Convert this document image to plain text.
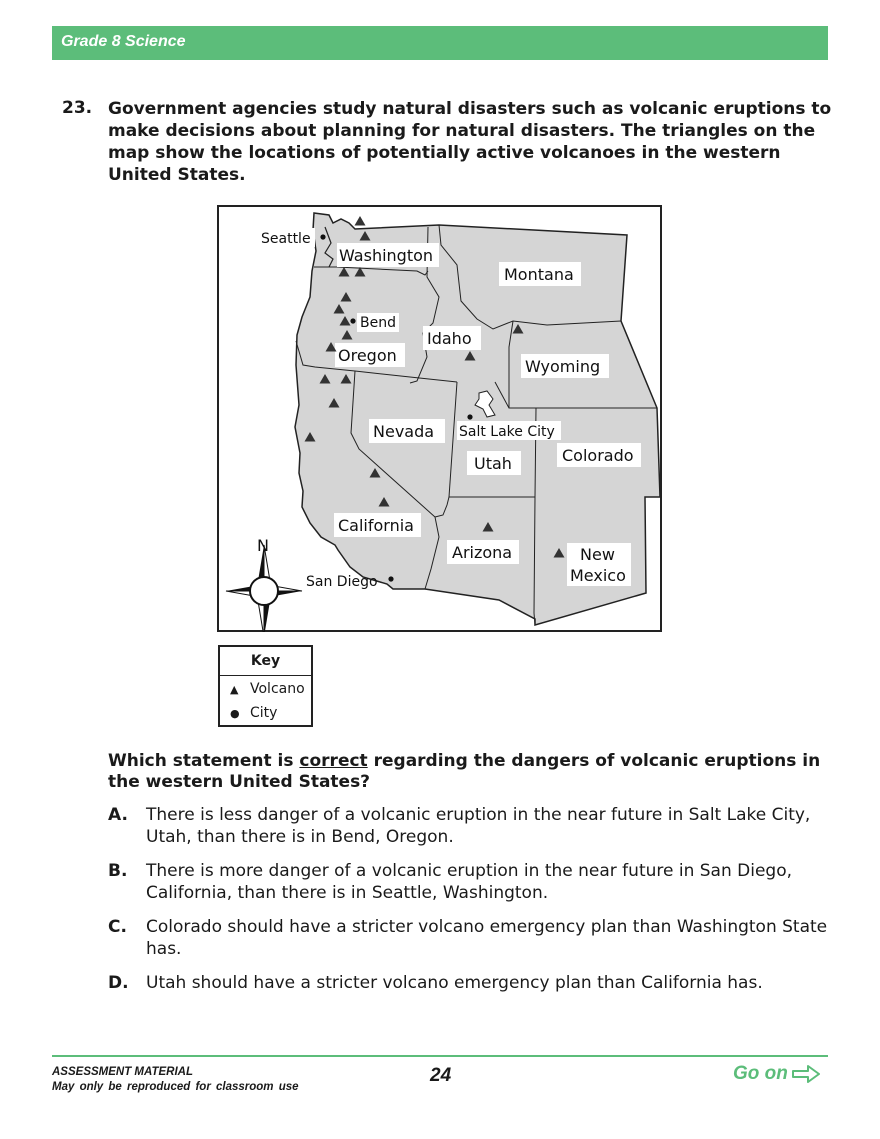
Grade 8 Science
23. Government agencies study natural disasters such as volcanic eruptions to make decisions about planning for natural disasters. The triangles on the map show the locations of potentially active volcanoes in the western United States.
Washington
Montana
Idaho
Oregon
Wyoming
Nevada
Utah	Colorado
California
Arizona	New
Mexico
Seattle
Bend
Salt Lake City
San Diego
N
Key
▲ Volcano
● City
Which statement is correct regarding the dangers of volcanic eruptions in the western United States?
A. There is less danger of a volcanic eruption in the near future in Salt Lake City, Utah, than there is in Bend, Oregon.
B. There is more danger of a volcanic eruption in the near future in San Diego, California, than there is in Seattle, Washington.
C. Colorado should have a stricter volcano emergency plan than Washington State has.
D. Utah should have a stricter volcano emergency plan than California has.
ASSESSMENT MATERIAL
May only be reproduced for classroom use
24	Go on
